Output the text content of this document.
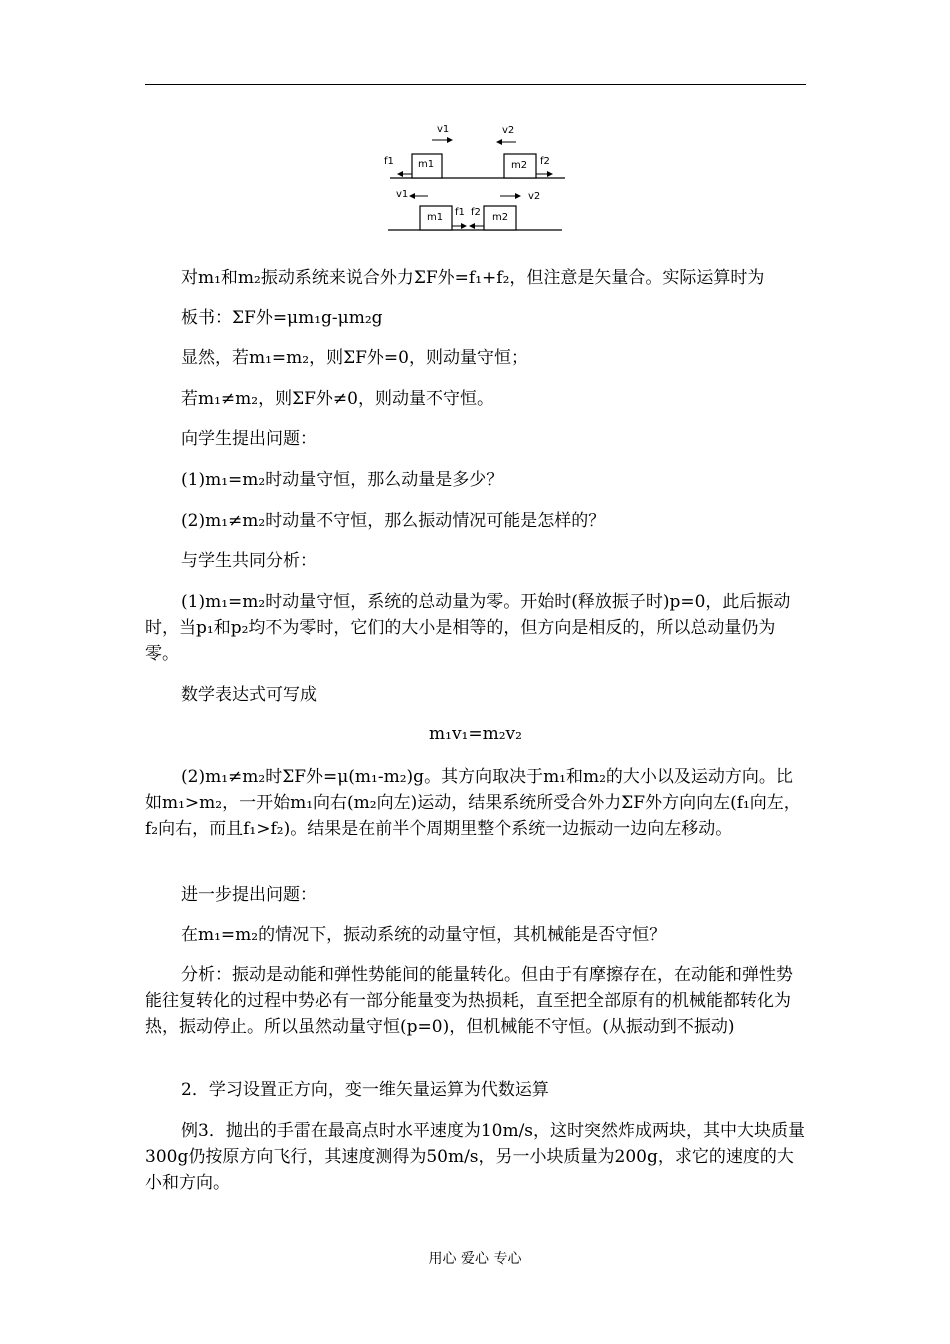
m1	m2
v1	v2
f1	f2
m1	m2
v1	v2
f1 f2

对m₁和m₂振动系统来说合外力ΣF外=f₁+f₂，但注意是矢量合。实际运算时为

板书：ΣF外=μm₁g-μm₂g

显然，若m₁=m₂，则ΣF外=0，则动量守恒；

若m₁≠m₂，则ΣF外≠0，则动量不守恒。

向学生提出问题：

(1)m₁=m₂时动量守恒，那么动量是多少？

(2)m₁≠m₂时动量不守恒，那么振动情况可能是怎样的？

与学生共同分析：

(1)m₁=m₂时动量守恒，系统的总动量为零。开始时(释放振子时)p=0，此后振动时，当p₁和p₂均不为零时，它们的大小是相等的，但方向是相反的，所以总动量仍为零。

数学表达式可写成

m₁v₁=m₂v₂

(2)m₁≠m₂时ΣF外=μ(m₁-m₂)g。其方向取决于m₁和m₂的大小以及运动方向。比如m₁>m₂，一开始m₁向右(m₂向左)运动，结果系统所受合外力ΣF外方向向左(f₁向左，f₂向右，而且f₁>f₂)。结果是在前半个周期里整个系统一边振动一边向左移动。

进一步提出问题：

在m₁=m₂的情况下，振动系统的动量守恒，其机械能是否守恒？

分析：振动是动能和弹性势能间的能量转化。但由于有摩擦存在，在动能和弹性势能往复转化的过程中势必有一部分能量变为热损耗，直至把全部原有的机械能都转化为热，振动停止。所以虽然动量守恒(p=0)，但机械能不守恒。(从振动到不振动)

2．学习设置正方向，变一维矢量运算为代数运算

例3．抛出的手雷在最高点时水平速度为10m/s，这时突然炸成两块，其中大块质量300g仍按原方向飞行，其速度测得为50m/s，另一小块质量为200g，求它的速度的大小和方向。

用心 爱心 专心
